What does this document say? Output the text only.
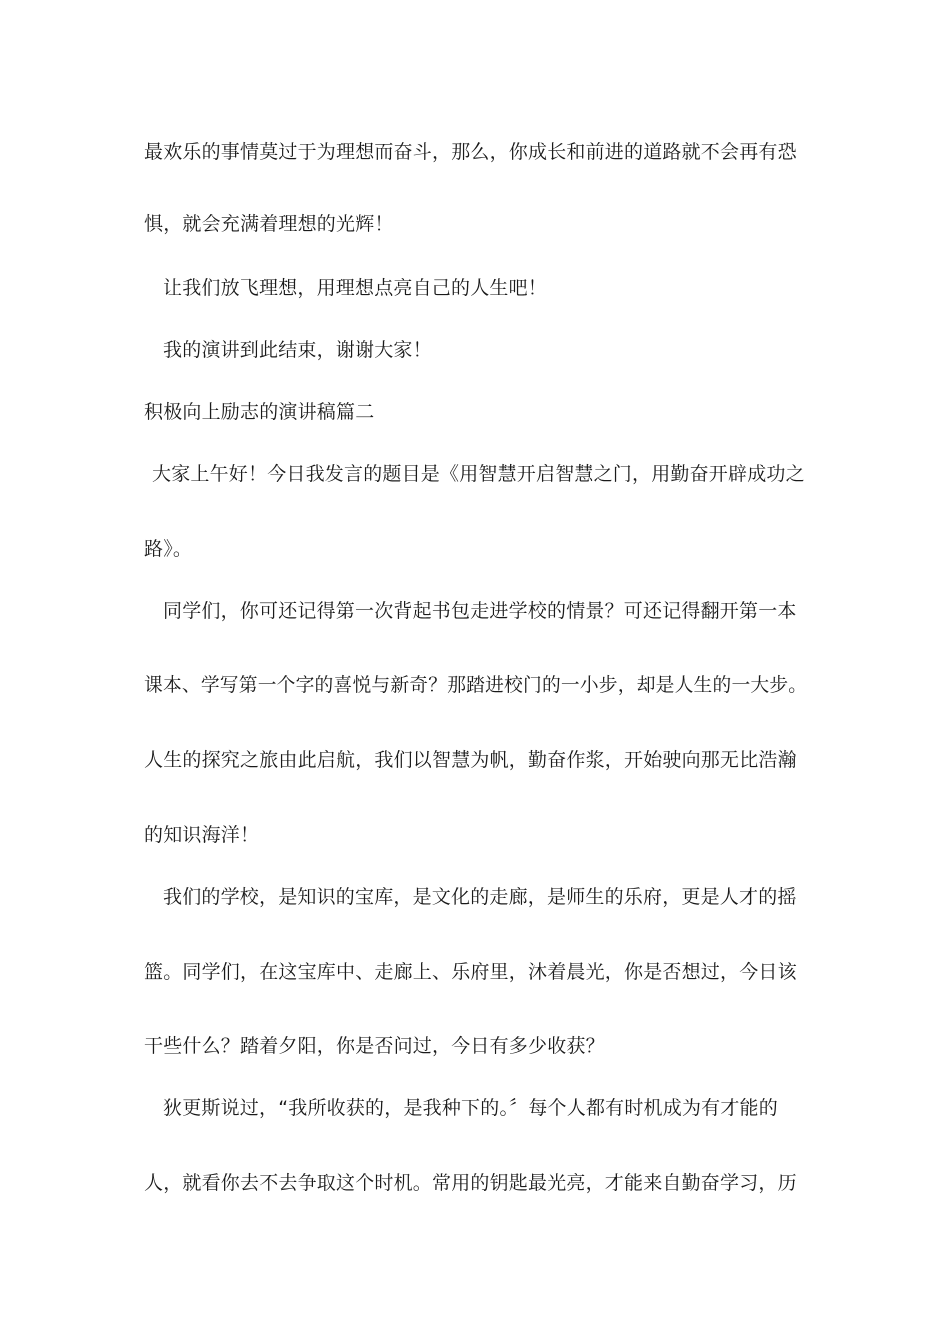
最欢乐的事情莫过于为理想而奋斗，那么，你成长和前进的道路就不会再有恐
惧，就会充满着理想的光辉！
让我们放飞理想，用理想点亮自己的人生吧！
我的演讲到此结束，谢谢大家！
积极向上励志的演讲稿篇二
大家上午好！今日我发言的题目是《用智慧开启智慧之门，用勤奋开辟成功之
路》。
同学们，你可还记得第一次背起书包走进学校的情景？可还记得翻开第一本
课本、学写第一个字的喜悦与新奇？那踏进校门的一小步，却是人生的一大步。
人生的探究之旅由此启航，我们以智慧为帆，勤奋作浆，开始驶向那无比浩瀚
的知识海洋！
我们的学校，是知识的宝库，是文化的走廊，是师生的乐府，更是人才的摇
篮。同学们，在这宝库中、走廊上、乐府里，沐着晨光，你是否想过，今日该
干些什么？踏着夕阳，你是否问过，今日有多少收获？
狄更斯说过，“我所收获的，是我种下的。〞每个人都有时机成为有才能的
人，就看你去不去争取这个时机。常用的钥匙最光亮，才能来自勤奋学习，历
